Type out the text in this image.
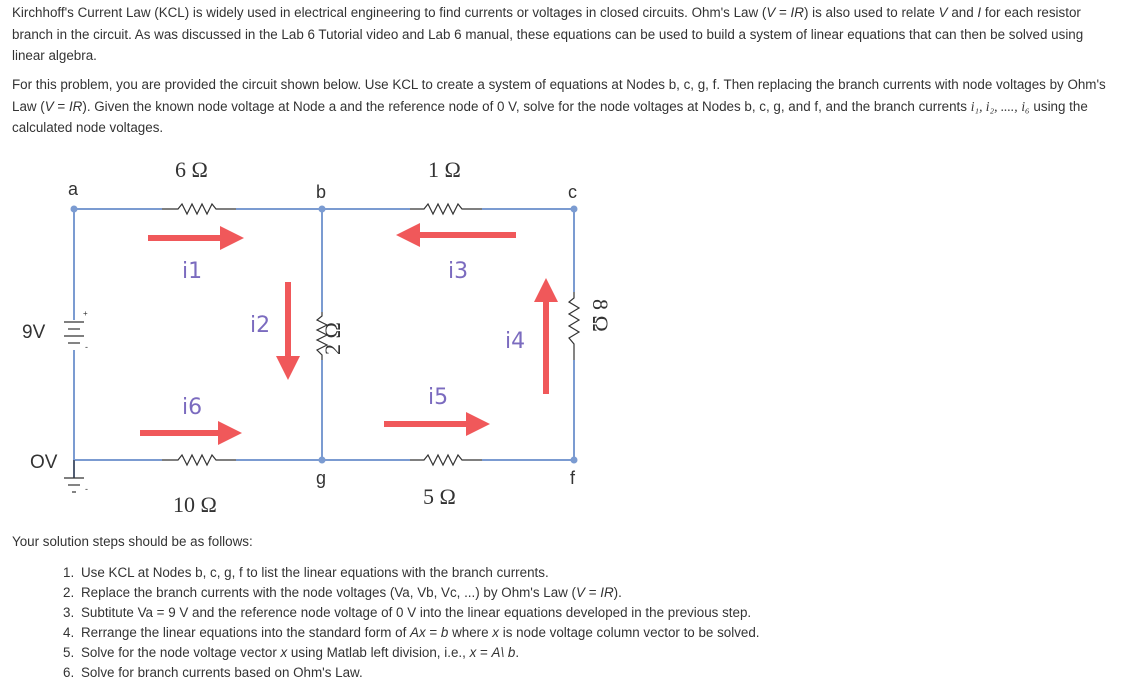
Kirchhoff's Current Law (KCL) is widely used in electrical engineering to find currents or voltages in closed circuits. Ohm's Law (V = IR) is also used to relate V and I for each resistor branch in the circuit. As was discussed in the Lab 6 Tutorial video and Lab 6 manual, these equations can be used to build a system of linear equations that can then be solved using linear algebra.

For this problem, you are provided the circuit shown below. Use KCL to create a system of equations at Nodes b, c, g, f. Then replacing the branch currents with node voltages by Ohm's Law (V = IR). Given the known node voltage at Node a and the reference node of 0 V, solve for the node voltages at Nodes b, c, g, and f, and the branch currents i₁, i₂, ...., i₆ using the calculated node voltages.

+
-
-
a	b	c
g	f
9V
OV
6 Ω	1 Ω
10 Ω	5 Ω
2 Ω
8 Ω
i1
i2
i3
i4
i5
i6

Your solution steps should be as follows:

1. Use KCL at Nodes b, c, g, f to list the linear equations with the branch currents.
2. Replace the branch currents with the node voltages (Va, Vb, Vc, ...) by Ohm's Law (V = IR).
3. Subtitute Va = 9 V and the reference node voltage of 0 V into the linear equations developed in the previous step.
4. Rerrange the linear equations into the standard form of Ax = b where x is node voltage column vector to be solved.
5. Solve for the node voltage vector x using Matlab left division, i.e., x = A\ b.
6. Solve for branch currents based on Ohm's Law.
